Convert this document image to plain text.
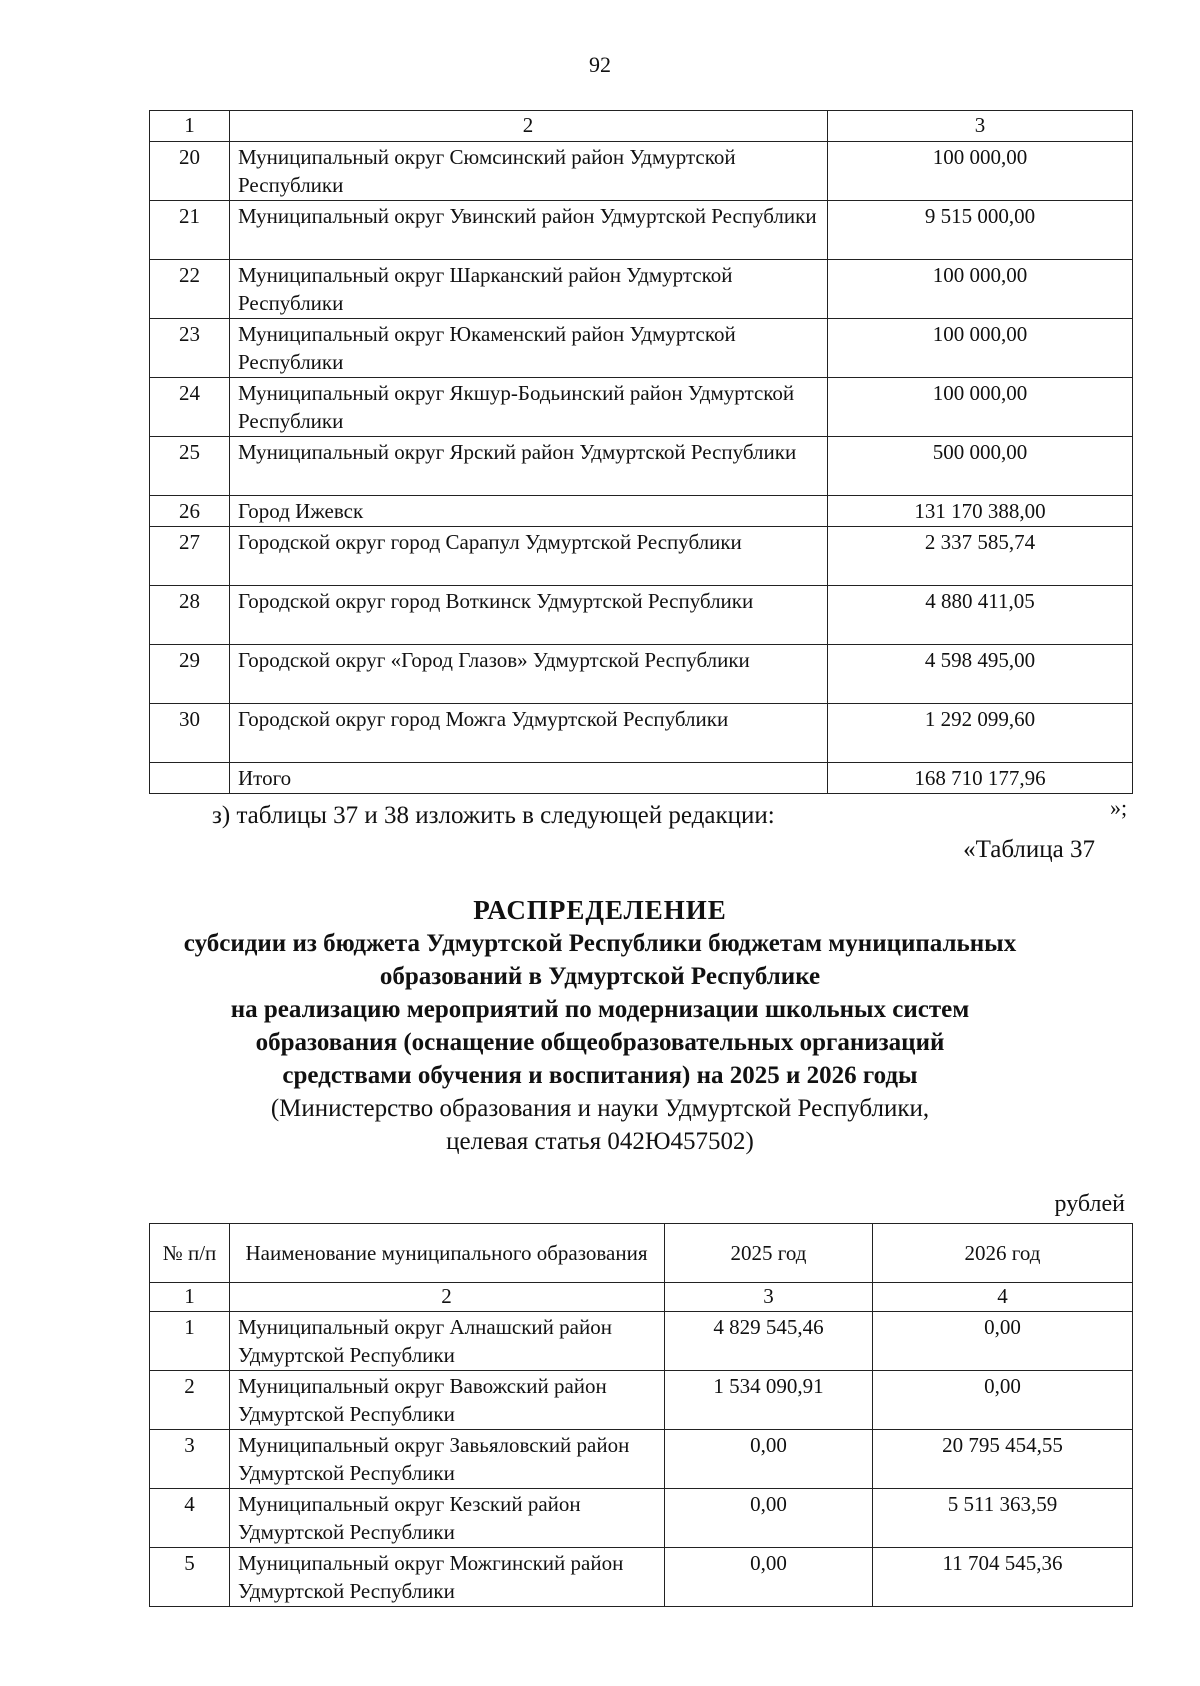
92
1	2	3
20	Муниципальный округ Сюмсинский район Удмуртской Республики	100 000,00
21	Муниципальный округ Увинский район Удмуртской Республики	9 515 000,00
22	Муниципальный округ Шарканский район Удмуртской Республики	100 000,00
23	Муниципальный округ Юкаменский район Удмуртской Республики	100 000,00
24	Муниципальный округ Якшур-Бодьинский район Удмуртской Республики	100 000,00
25	Муниципальный округ Ярский район Удмуртской Республики	500 000,00
26	Город Ижевск	131 170 388,00
27	Городской округ город Сарапул Удмуртской Республики	2 337 585,74
28	Городской округ город Воткинск Удмуртской Республики	4 880 411,05
29	Городской округ «Город Глазов» Удмуртской Республики	4 598 495,00
30	Городской округ город Можга Удмуртской Республики	1 292 099,60
	Итого	168 710 177,96
»;
з) таблицы 37 и 38 изложить в следующей редакции:
«Таблица 37
РАСПРЕДЕЛЕНИЕ
субсидии из бюджета Удмуртской Республики бюджетам муниципальных
образований в Удмуртской Республике
на реализацию мероприятий по модернизации школьных систем
образования (оснащение общеобразовательных организаций
средствами обучения и воспитания) на 2025 и 2026 годы
(Министерство образования и науки Удмуртской Республики,
целевая статья 042Ю457502)
рублей
№ п/п	Наименование муниципального образования	2025 год	2026 год
1	2	3	4
1	Муниципальный округ Алнашский район Удмуртской Республики	4 829 545,46	0,00
2	Муниципальный округ Вавожский район Удмуртской Республики	1 534 090,91	0,00
3	Муниципальный округ Завьяловский район Удмуртской Республики	0,00	20 795 454,55
4	Муниципальный округ Кезский район Удмуртской Республики	0,00	5 511 363,59
5	Муниципальный округ Можгинский район Удмуртской Республики	0,00	11 704 545,36
